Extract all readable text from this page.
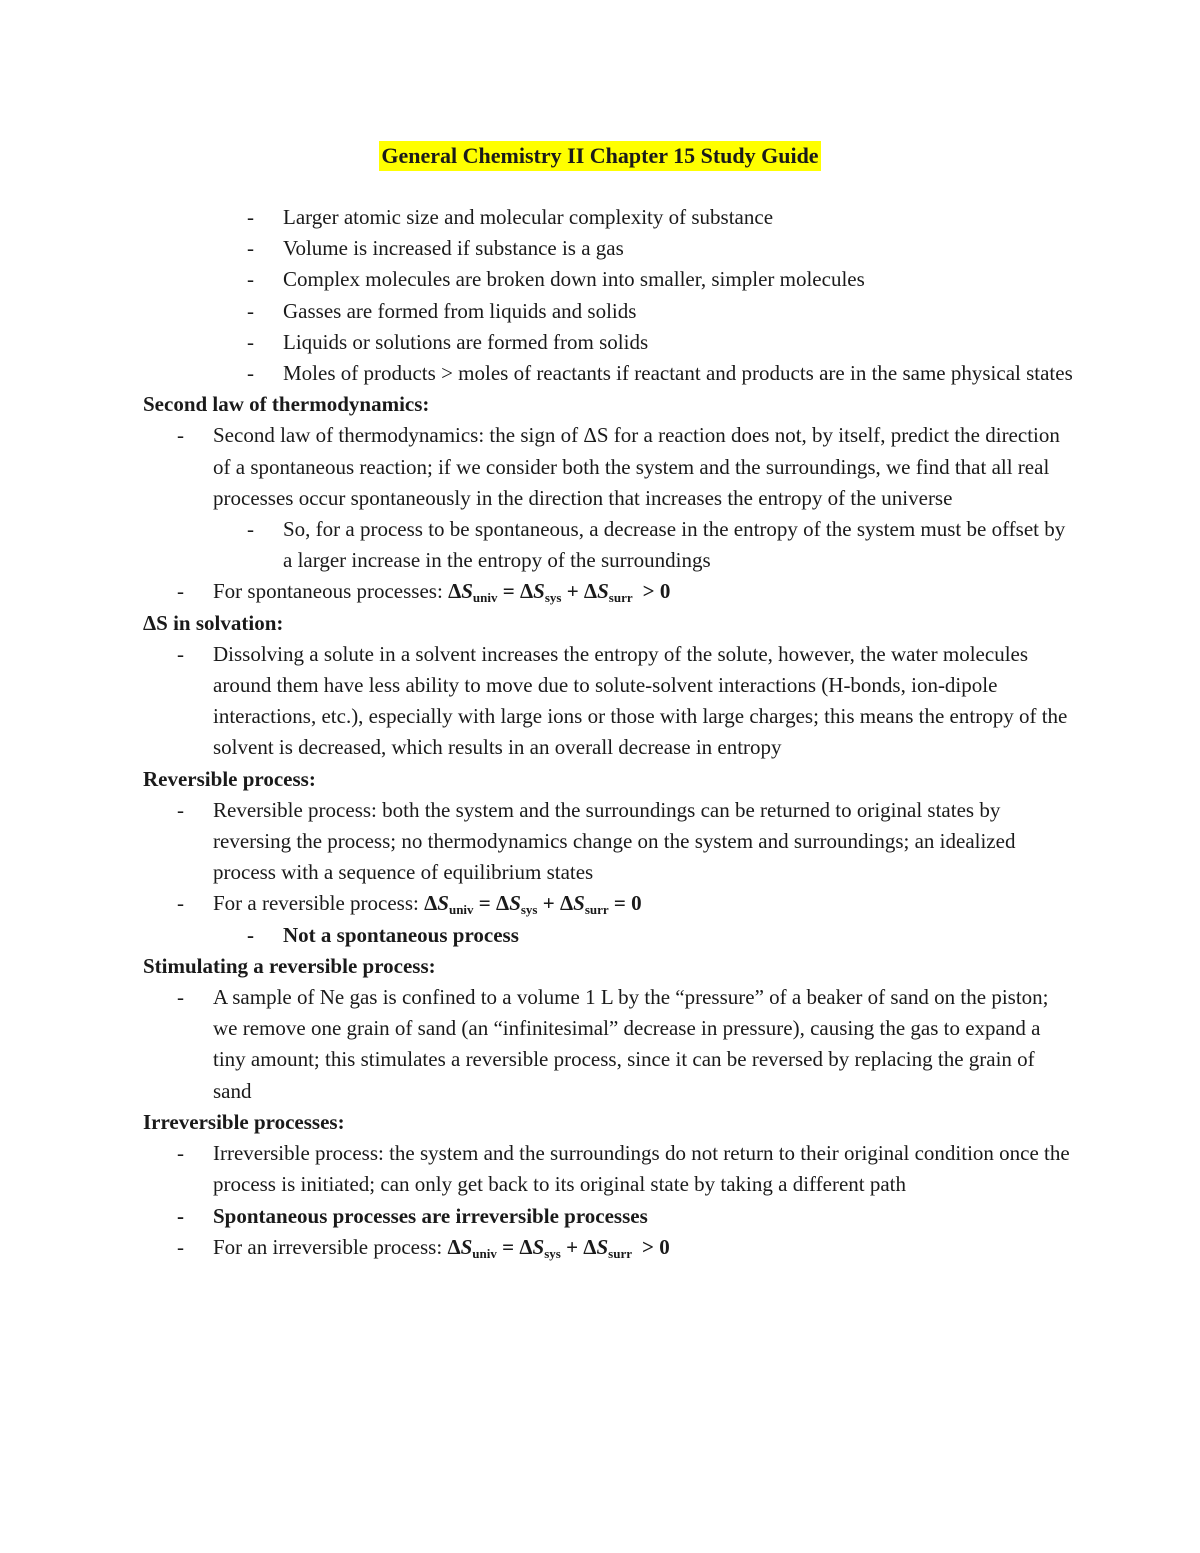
General Chemistry II Chapter 15 Study Guide

- Larger atomic size and molecular complexity of substance

- Volume is increased if substance is a gas

- Complex molecules are broken down into smaller, simpler molecules

- Gasses are formed from liquids and solids

- Liquids or solutions are formed from solids

- Moles of products > moles of reactants if reactant and products are in the same physical states

Second law of thermodynamics:

- Second law of thermodynamics: the sign of ΔS for a reaction does not, by itself, predict the direction of a spontaneous reaction; if we consider both the system and the surroundings, we find that all real processes occur spontaneously in the direction that increases the entropy of the universe

- So, for a process to be spontaneous, a decrease in the entropy of the system must be offset by a larger increase in the entropy of the surroundings

- For spontaneous processes: $\Delta S_{univ} = \Delta S_{sys} + \Delta S_{surr} > 0$

ΔS in solvation:

- Dissolving a solute in a solvent increases the entropy of the solute, however, the water molecules around them have less ability to move due to solute-solvent interactions (H-bonds, ion-dipole interactions, etc.), especially with large ions or those with large charges; this means the entropy of the solvent is decreased, which results in an overall decrease in entropy

Reversible process:

- Reversible process: both the system and the surroundings can be returned to original states by reversing the process; no thermodynamics change on the system and surroundings; an idealized process with a sequence of equilibrium states

- For a reversible process: $\Delta S_{univ} = \Delta S_{sys} + \Delta S_{surr} = 0$

- Not a spontaneous process

Stimulating a reversible process:

- A sample of Ne gas is confined to a volume 1 L by the “pressure” of a beaker of sand on the piston; we remove one grain of sand (an “infinitesimal” decrease in pressure), causing the gas to expand a tiny amount; this stimulates a reversible process, since it can be reversed by replacing the grain of sand

Irreversible processes:

- Irreversible process: the system and the surroundings do not return to their original condition once the process is initiated; can only get back to its original state by taking a different path

- Spontaneous processes are irreversible processes

- For an irreversible process: $\Delta S_{univ} = \Delta S_{sys} + \Delta S_{surr} > 0$
